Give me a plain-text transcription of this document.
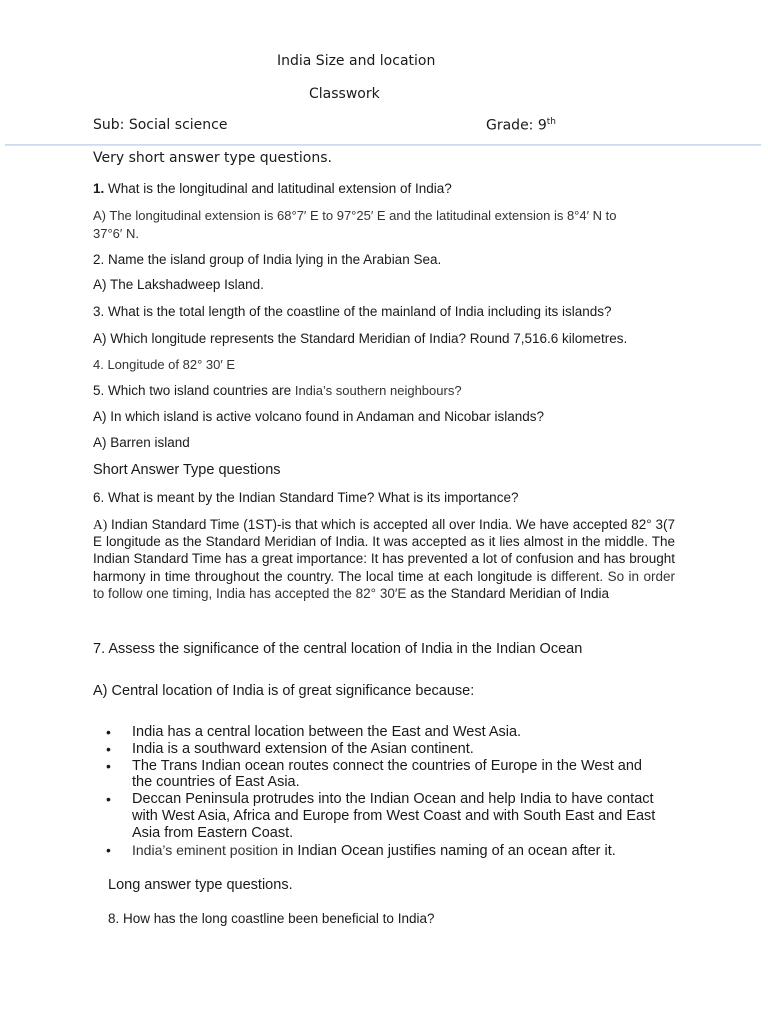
India Size and location
Classwork
Sub: Social science	Grade: 9th
Very short answer type questions.
1. What is the longitudinal and latitudinal extension of India?
A) The longitudinal extension is 68°7′ E to 97°25′ E and the latitudinal extension is 8°4′ N to
37°6′ N.
2. Name the island group of India lying in the Arabian Sea.
A) The Lakshadweep Island.
3. What is the total length of the coastline of the mainland of India including its islands?
A) Which longitude represents the Standard Meridian of India? Round 7,516.6 kilometres.
4. Longitude of 82° 30′ E
5. Which two island countries are India’s southern neighbours?
A) In which island is active volcano found in Andaman and Nicobar islands?
A) Barren island
Short Answer Type questions
6. What is meant by the Indian Standard Time? What is its importance?
A) Indian Standard Time (1ST)-is that which is accepted all over India. We have accepted 82° 3(7 E longitude as the Standard Meridian of India. It was accepted as it lies almost in the middle. The Indian Standard Time has a great importance: It has prevented a lot of confusion and has brought harmony in time throughout the country. The local time at each longitude is different. So in order to follow one timing, India has accepted the 82° 30′E as the Standard Meridian of India
7. Assess the significance of the central location of India in the Indian Ocean
A) Central location of India is of great significance because:
• India has a central location between the East and West Asia.
• India is a southward extension of the Asian continent.
• The Trans Indian ocean routes connect the countries of Europe in the West and the countries of East Asia.
• Deccan Peninsula protrudes into the Indian Ocean and help India to have contact with West Asia, Africa and Europe from West Coast and with South East and East Asia from Eastern Coast.
• India’s eminent position in Indian Ocean justifies naming of an ocean after it.
Long answer type questions.
8. How has the long coastline been beneficial to India?
